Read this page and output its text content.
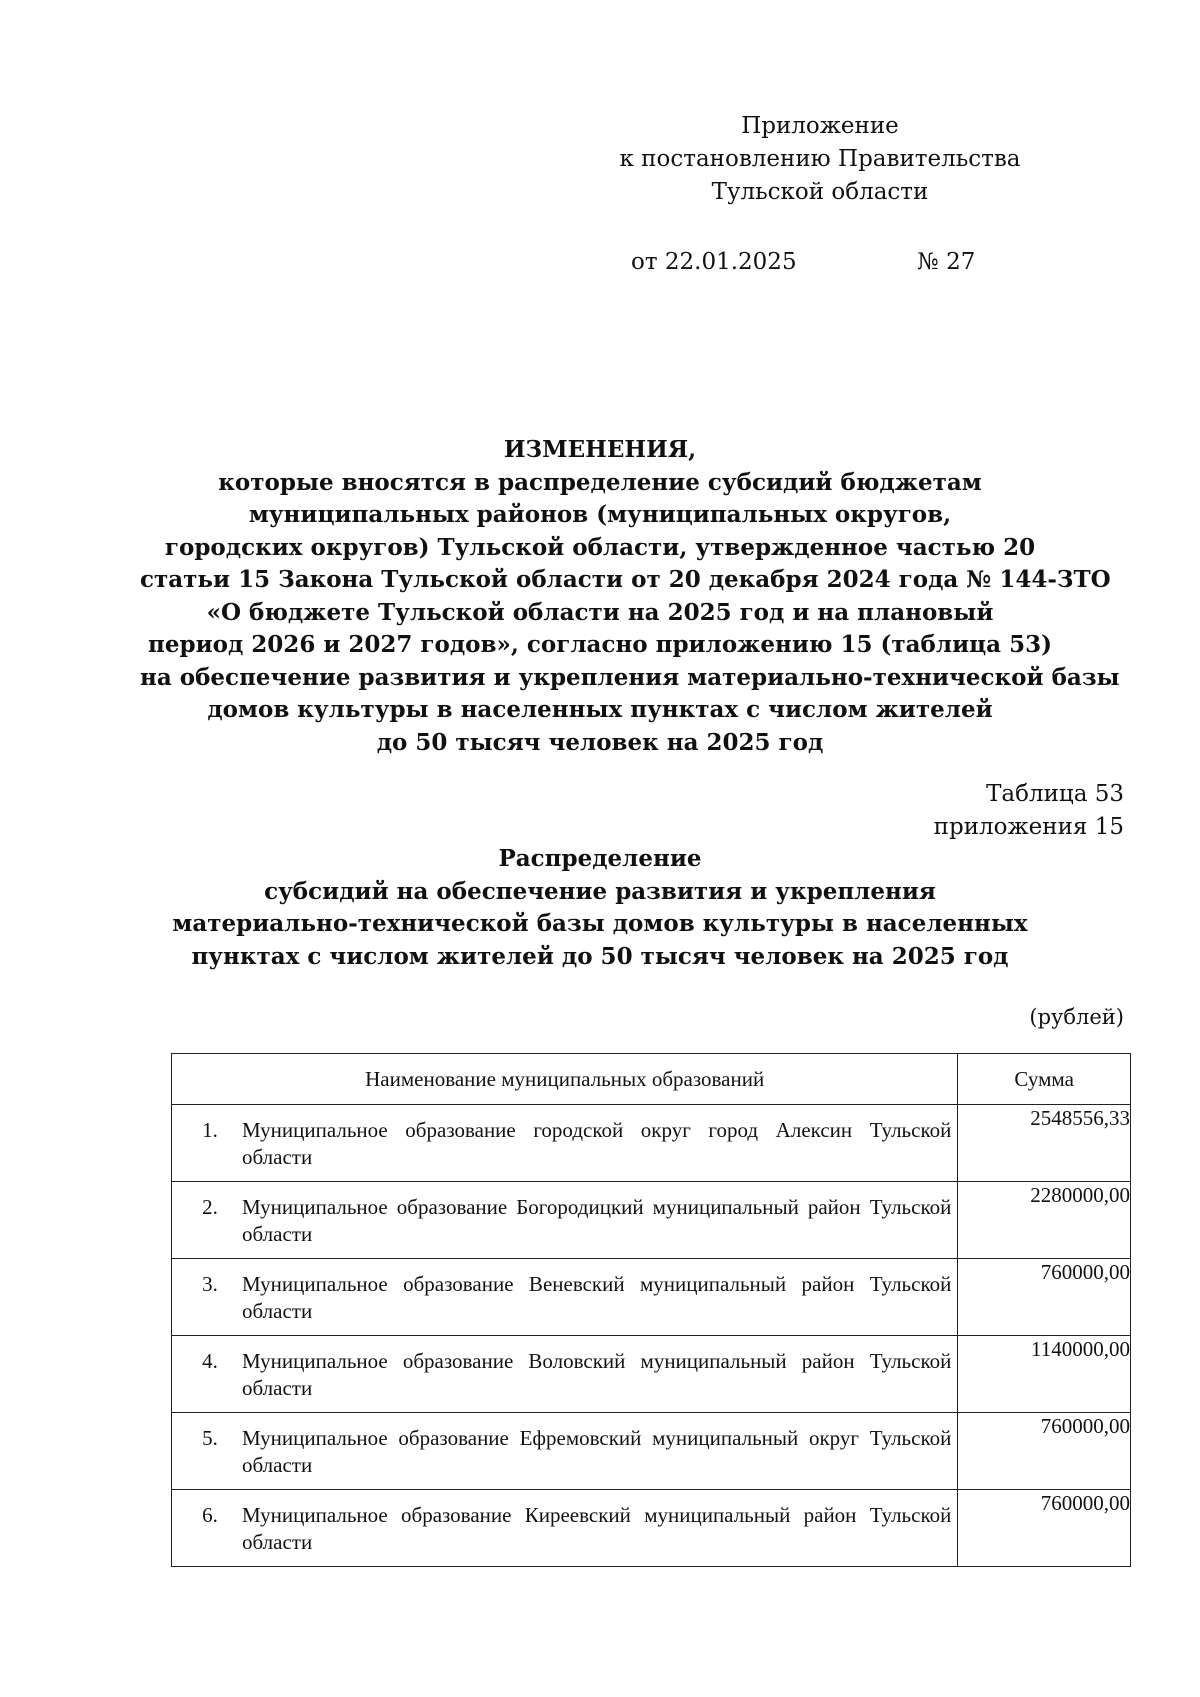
Приложение
к постановлению Правительства
Тульской области
от 22.01.2025	№ 27
ИЗМЕНЕНИЯ,
которые вносятся в распределение субсидий бюджетам
муниципальных районов (муниципальных округов,
городских округов) Тульской области, утвержденное частью 20
статьи 15 Закона Тульской области от 20 декабря 2024 года № 144-ЗТО
«О бюджете Тульской области на 2025 год и на плановый
период 2026 и 2027 годов», согласно приложению 15 (таблица 53)
на обеспечение развития и укрепления материально-технической базы
домов культуры в населенных пунктах с числом жителей
до 50 тысяч человек на 2025 год
Таблица 53
приложения 15
Распределение
субсидий на обеспечение развития и укрепления
материально-технической базы домов культуры в населенных
пунктах с числом жителей до 50 тысяч человек на 2025 год
(рублей)
Наименование муниципальных образований	Сумма

1. Муниципальное образование городской округ город Алексин Тульской области	2548556,33

2. Муниципальное образование Богородицкий муниципальный район Тульской области	2280000,00

3. Муниципальное образование Веневский муниципальный район Тульской области	760000,00

4. Муниципальное образование Воловский муниципальный район Тульской области	1140000,00

5. Муниципальное образование Ефремовский муниципальный округ Тульской области	760000,00

6. Муниципальное образование Киреевский муниципальный район Тульской области	760000,00
